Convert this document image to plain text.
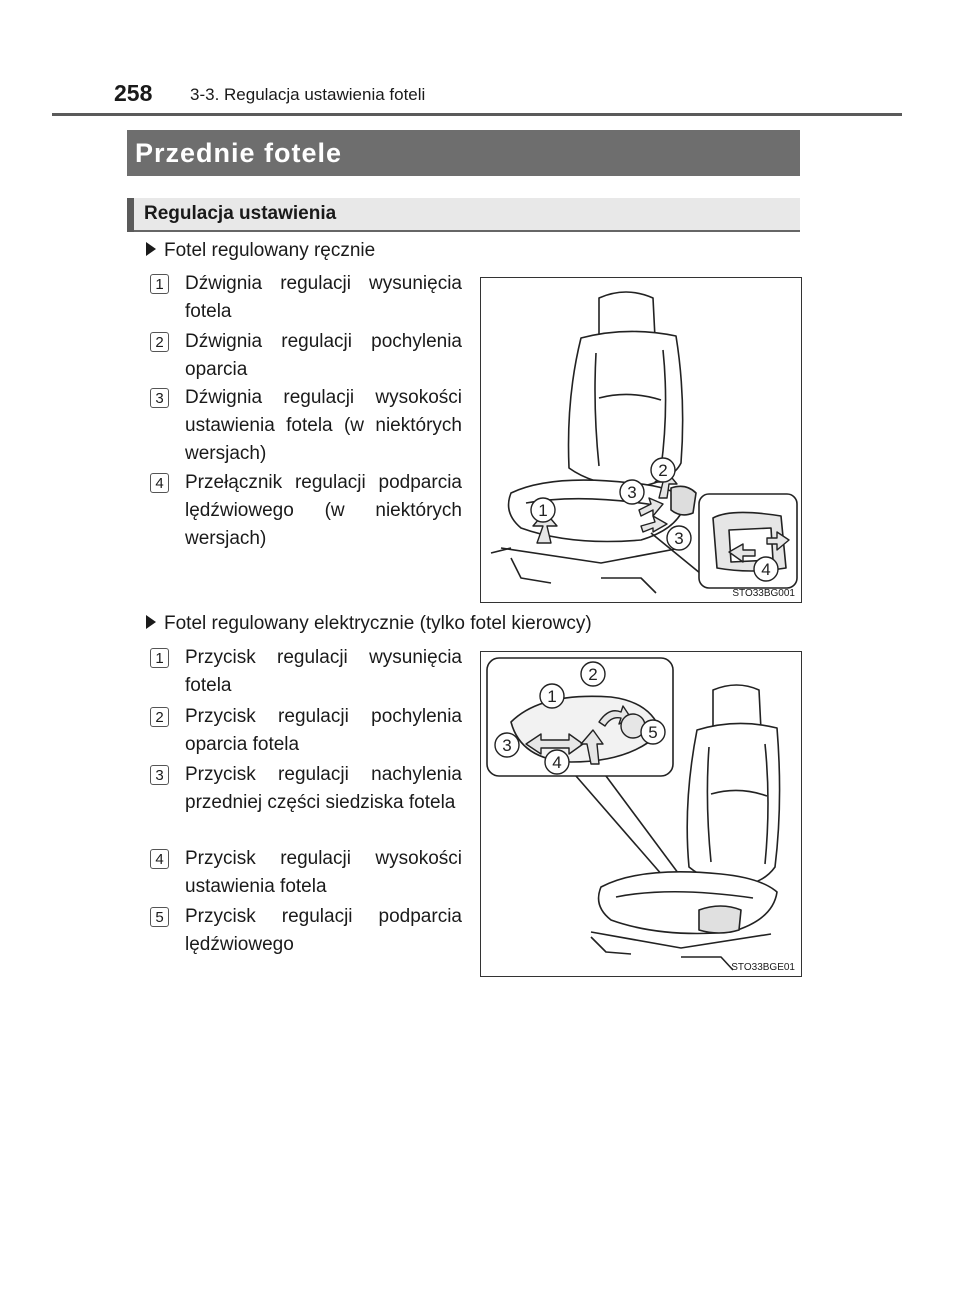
258 3-3. Regulacja ustawienia foteli
Przednie fotele
Regulacja ustawienia
Fotel regulowany ręcznie
1 Dźwignia regulacji wysunięcia fotela
2 Dźwignia regulacji pochylenia oparcia
3 Dźwignia regulacji wysokości ustawienia fotela (w niektórych wersjach)
4 Przełącznik regulacji podparcia lędźwiowego (w niektórych wersjach)
1
2
3
3
4
STO33BG001
Fotel regulowany elektrycznie (tylko fotel kierowcy)
1 Przycisk regulacji wysunięcia fotela
2 Przycisk regulacji pochylenia oparcia fotela
3 Przycisk regulacji nachylenia przedniej części siedziska fotela
4 Przycisk regulacji wysokości ustawienia fotela
5 Przycisk regulacji podparcia lędźwiowego
1
2
3
4
5
STO33BGE01
